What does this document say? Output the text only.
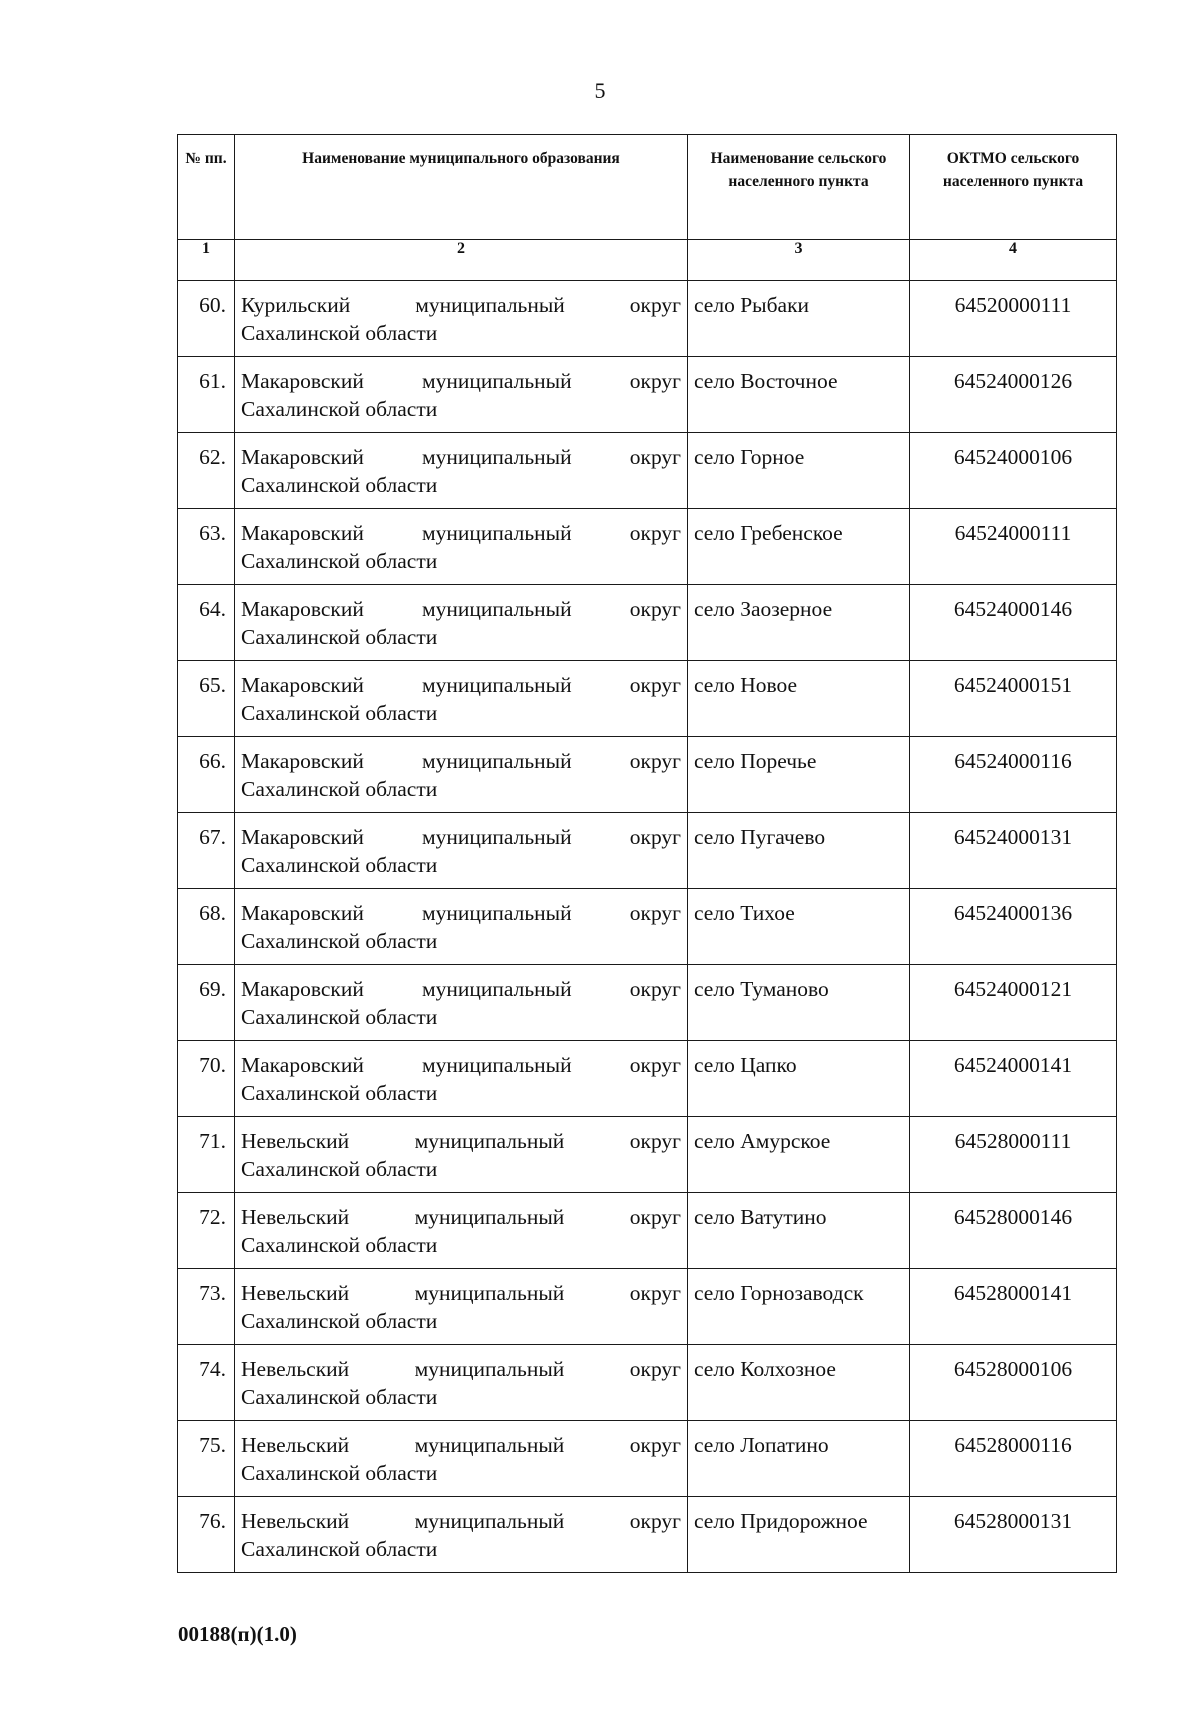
5
№ пп.	Наименование муниципального образования	Наименование сельского населенного пункта	ОКТМО сельского населенного пункта
1	2	3	4
60.	Курильский муниципальный округ Сахалинской области	село Рыбаки	64520000111
61.	Макаровский муниципальный округ Сахалинской области	село Восточное	64524000126
62.	Макаровский муниципальный округ Сахалинской области	село Горное	64524000106
63.	Макаровский муниципальный округ Сахалинской области	село Гребенское	64524000111
64.	Макаровский муниципальный округ Сахалинской области	село Заозерное	64524000146
65.	Макаровский муниципальный округ Сахалинской области	село Новое	64524000151
66.	Макаровский муниципальный округ Сахалинской области	село Поречье	64524000116
67.	Макаровский муниципальный округ Сахалинской области	село Пугачево	64524000131
68.	Макаровский муниципальный округ Сахалинской области	село Тихое	64524000136
69.	Макаровский муниципальный округ Сахалинской области	село Туманово	64524000121
70.	Макаровский муниципальный округ Сахалинской области	село Цапко	64524000141
71.	Невельский муниципальный округ Сахалинской области	село Амурское	64528000111
72.	Невельский муниципальный округ Сахалинской области	село Ватутино	64528000146
73.	Невельский муниципальный округ Сахалинской области	село Горнозаводск	64528000141
74.	Невельский муниципальный округ Сахалинской области	село Колхозное	64528000106
75.	Невельский муниципальный округ Сахалинской области	село Лопатино	64528000116
76.	Невельский муниципальный округ Сахалинской области	село Придорожное	64528000131
00188(п)(1.0)
